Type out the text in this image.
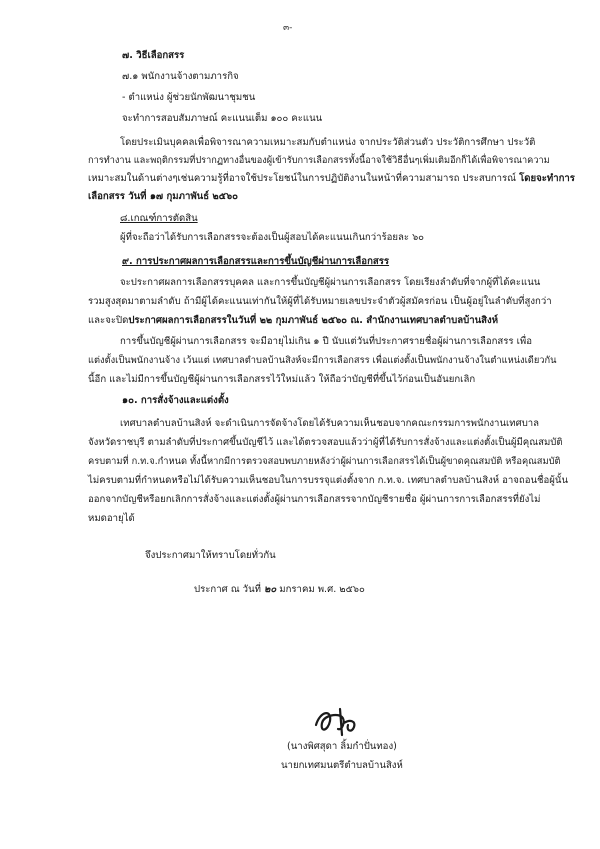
๓-
๗. วิธีเลือกสรร
๗.๑ พนักงานจ้างตามภารกิจ
- ตำแหน่ง ผู้ช่วยนักพัฒนาชุมชน
จะทำการสอบสัมภาษณ์ คะแนนเต็ม ๑๐๐ คะแนน
โดยประเมินบุคคลเพื่อพิจารณาความเหมาะสมกับตำแหน่ง จากประวัติส่วนตัว ประวัติการศึกษา ประวัติ
การทำงาน และพฤติกรรมที่ปรากฏทางอื่นของผู้เข้ารับการเลือกสรรทั้งนี้อาจใช้วิธีอื่นๆเพิ่มเติมอีกก็ได้เพื่อพิจารณาความ
เหมาะสมในด้านต่างๆเช่นความรู้ที่อาจใช้ประโยชน์ในการปฏิบัติงานในหน้าที่ความสามารถ ประสบการณ์ โดยจะทำการ
เลือกสรร วันที่ ๑๗ กุมภาพันธ์ ๒๕๖๐
๘.เกณฑ์การตัดสิน
ผู้ที่จะถือว่าได้รับการเลือกสรรจะต้องเป็นผู้สอบได้คะแนนเกินกว่าร้อยละ ๖๐
๙. การประกาศผลการเลือกสรรและการขึ้นบัญชีผ่านการเลือกสรร
จะประกาศผลการเลือกสรรบุคคล และการขึ้นบัญชีผู้ผ่านการเลือกสรร โดยเรียงลำดับที่จากผู้ที่ได้คะแนน
รวมสูงสุดมาตามลำดับ ถ้ามีผู้ได้คะแนนเท่ากันให้ผู้ที่ได้รับหมายเลขประจำตัวผู้สมัครก่อน เป็นผู้อยู่ในลำดับที่สูงกว่า
และจะปิดประกาศผลการเลือกสรรในวันที่ ๒๒ กุมภาพันธ์ ๒๕๖๐ ณ. สำนักงานเทศบาลตำบลบ้านสิงห์
การขึ้นบัญชีผู้ผ่านการเลือกสรร จะมีอายุไม่เกิน ๑ ปี นับแต่วันที่ประกาศรายชื่อผู้ผ่านการเลือกสรร เพื่อ
แต่งตั้งเป็นพนักงานจ้าง เว้นแต่ เทศบาลตำบลบ้านสิงห์จะมีการเลือกสรร เพื่อแต่งตั้งเป็นพนักงานจ้างในตำแหน่งเดียวกัน
นี้อีก และไม่มีการขึ้นบัญชีผู้ผ่านการเลือกสรรไว้ใหม่แล้ว ให้ถือว่าบัญชีที่ขึ้นไว้ก่อนเป็นอันยกเลิก
๑๐. การสั่งจ้างและแต่งตั้ง
เทศบาลตำบลบ้านสิงห์ จะดำเนินการจัดจ้างโดยได้รับความเห็นชอบจากคณะกรรมการพนักงานเทศบาล
จังหวัดราชบุรี ตามลำดับที่ประกาศขึ้นบัญชีไว้ และได้ตรวจสอบแล้วว่าผู้ที่ได้รับการสั่งจ้างและแต่งตั้งเป็นผู้มีคุณสมบัติ
ครบตามที่ ก.ท.จ.กำหนด ทั้งนี้หากมีการตรวจสอบพบภายหลังว่าผู้ผ่านการเลือกสรรได้เป็นผู้ขาดคุณสมบัติ หรือคุณสมบัติ
ไม่ครบตามที่กำหนดหรือไม่ได้รับความเห็นชอบในการบรรจุแต่งตั้งจาก ก.ท.จ. เทศบาลตำบลบ้านสิงห์ อาจถอนชื่อผู้นั้น
ออกจากบัญชีหรือยกเลิกการสั่งจ้างและแต่งตั้งผู้ผ่านการเลือกสรรจากบัญชีรายชื่อ ผู้ผ่านการการเลือกสรรที่ยังไม่
หมดอายุได้
จึงประกาศมาให้ทราบโดยทั่วกัน
ประกาศ ณ วันที่ ๒๐ มกราคม พ.ศ. ๒๕๖๐
(นางพิศสุดา ลิ้มกำปั่นทอง)
นายกเทศมนตรีตำบลบ้านสิงห์
